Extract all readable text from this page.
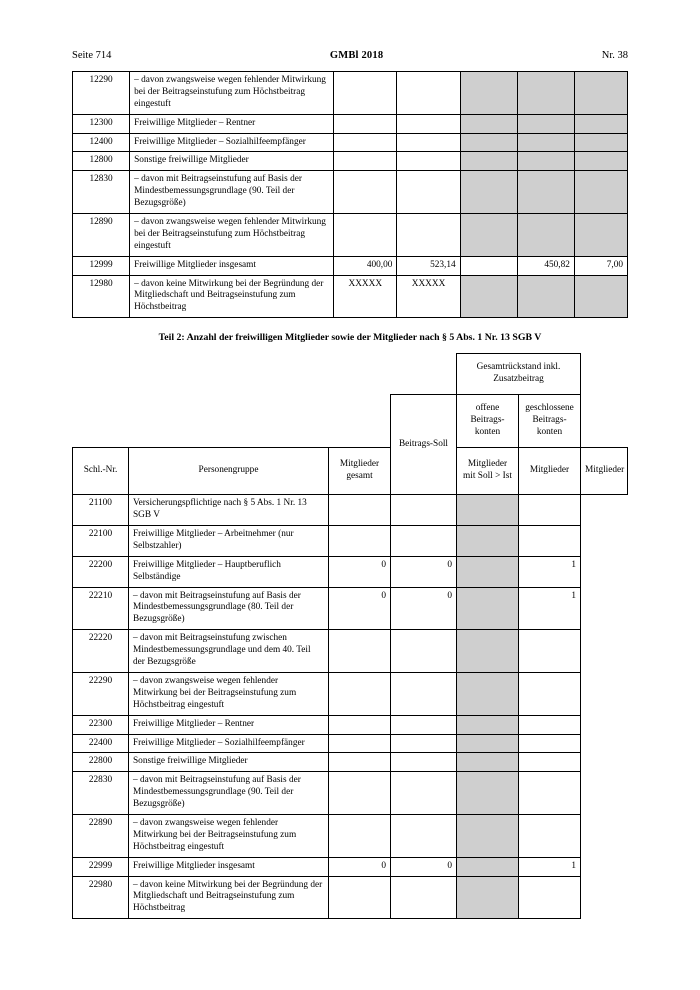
Seite 714	GMBl 2018	Nr. 38
12290	– davon zwangsweise wegen fehlender Mitwirkung bei der Beitragseinstufung zum Höchstbeitrag eingestuft					
12300	Freiwillige Mitglieder – Rentner					
12400	Freiwillige Mitglieder – Sozialhilfeempfänger					
12800	Sonstige freiwillige Mitglieder					
12830	– davon mit Beitragseinstufung auf Basis der Mindestbemessungsgrundlage (90. Teil der Bezugsgröße)					
12890	– davon zwangsweise wegen fehlender Mitwirkung bei der Beitragseinstufung zum Höchstbeitrag eingestuft					
12999	Freiwillige Mitglieder insgesamt	400,00	523,14		450,82	7,00
12980	– davon keine Mitwirkung bei der Begründung der Mitgliedschaft und Beitragseinstufung zum Höchstbeitrag	XXXXX	XXXXX			
Teil 2: Anzahl der freiwilligen Mitglieder sowie der Mitglieder nach § 5 Abs. 1 Nr. 13 SGB V
				Gesamtrückstand inkl. Zusatzbeitrag		
			Beitrags-Soll	offene Beitrags-konten	geschlossene Beitrags-konten	
Schl.-Nr.	Personengruppe	Mitglieder gesamt		Mitglieder mit Soll > Ist	Mitglieder	Mitglieder
21100	Versicherungspflichtige nach § 5 Abs. 1 Nr. 13 SGB V					
22100	Freiwillige Mitglieder – Arbeitnehmer (nur Selbstzahler)					
22200	Freiwillige Mitglieder – Hauptberuflich Selbständige	0	0		1	
22210	– davon mit Beitragseinstufung auf Basis der Mindestbemessungsgrundlage (80. Teil der Bezugsgröße)	0	0		1	
22220	– davon mit Beitragseinstufung zwischen Mindestbemessungsgrundlage und dem 40. Teil der Bezugsgröße					
22290	– davon zwangsweise wegen fehlender Mitwirkung bei der Beitragseinstufung zum Höchstbeitrag eingestuft					
22300	Freiwillige Mitglieder – Rentner					
22400	Freiwillige Mitglieder – Sozialhilfeempfänger					
22800	Sonstige freiwillige Mitglieder					
22830	– davon mit Beitragseinstufung auf Basis der Mindestbemessungsgrundlage (90. Teil der Bezugsgröße)					
22890	– davon zwangsweise wegen fehlender Mitwirkung bei der Beitragseinstufung zum Höchstbeitrag eingestuft					
22999	Freiwillige Mitglieder insgesamt	0	0		1	
22980	– davon keine Mitwirkung bei der Begründung der Mitgliedschaft und Beitragseinstufung zum Höchstbeitrag					
